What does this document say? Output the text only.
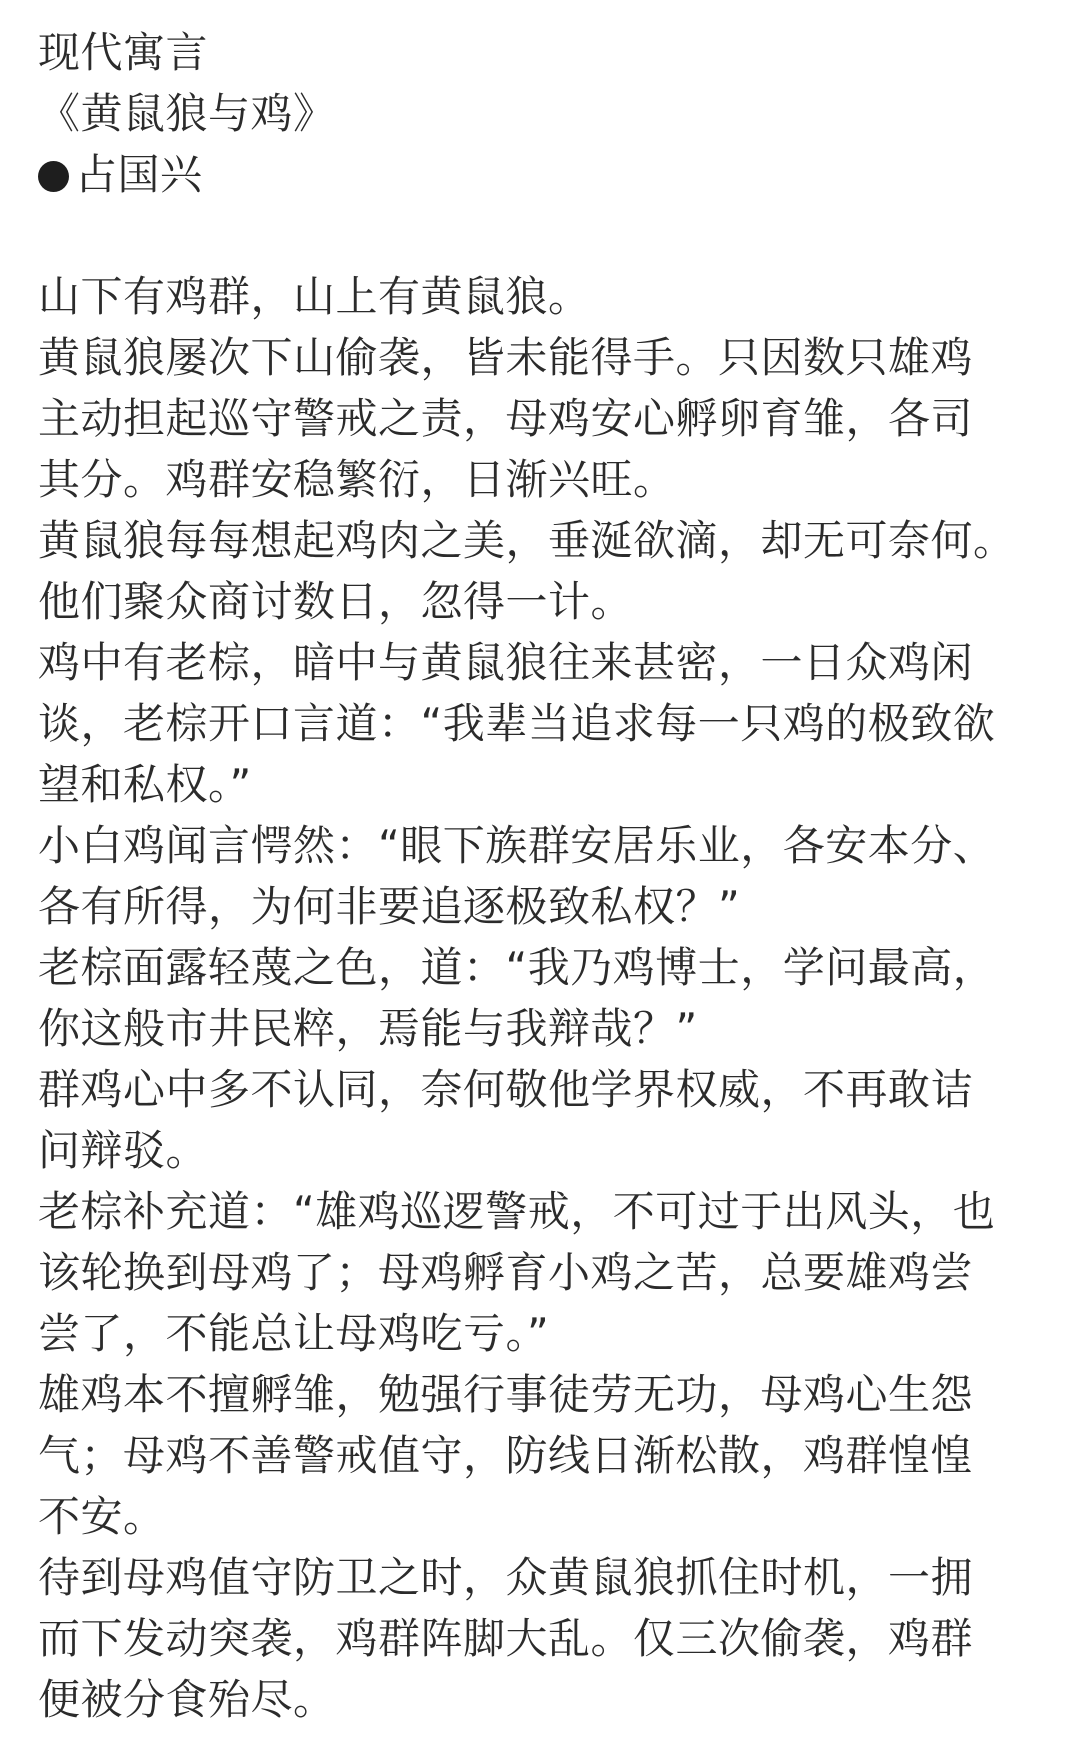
现代寓言
《黄鼠狼与鸡》
占国兴
山下有鸡群，山上有黄鼠狼。
黄鼠狼屡次下山偷袭，皆未能得手。只因数只雄鸡
主动担起巡守警戒之责，母鸡安心孵卵育雏，各司
其分。鸡群安稳繁衍，日渐兴旺。
黄鼠狼每每想起鸡肉之美，垂涎欲滴，却无可奈何。
他们聚众商讨数日，忽得一计。
鸡中有老棕，暗中与黄鼠狼往来甚密，一日众鸡闲
谈，老棕开口言道：“我辈当追求每一只鸡的极致欲
望和私权。”
小白鸡闻言愕然：“眼下族群安居乐业，各安本分、
各有所得，为何非要追逐极致私权？”
老棕面露轻蔑之色，道：“我乃鸡博士，学问最高，
你这般市井民粹，焉能与我辩哉？”
群鸡心中多不认同，奈何敬他学界权威，不再敢诘
问辩驳。
老棕补充道：“雄鸡巡逻警戒，不可过于出风头，也
该轮换到母鸡了；母鸡孵育小鸡之苦，总要雄鸡尝
尝了，不能总让母鸡吃亏。”
雄鸡本不擅孵雏，勉强行事徒劳无功，母鸡心生怨
气；母鸡不善警戒值守，防线日渐松散，鸡群惶惶
不安。
待到母鸡值守防卫之时，众黄鼠狼抓住时机，一拥
而下发动突袭，鸡群阵脚大乱。仅三次偷袭，鸡群
便被分食殆尽。
